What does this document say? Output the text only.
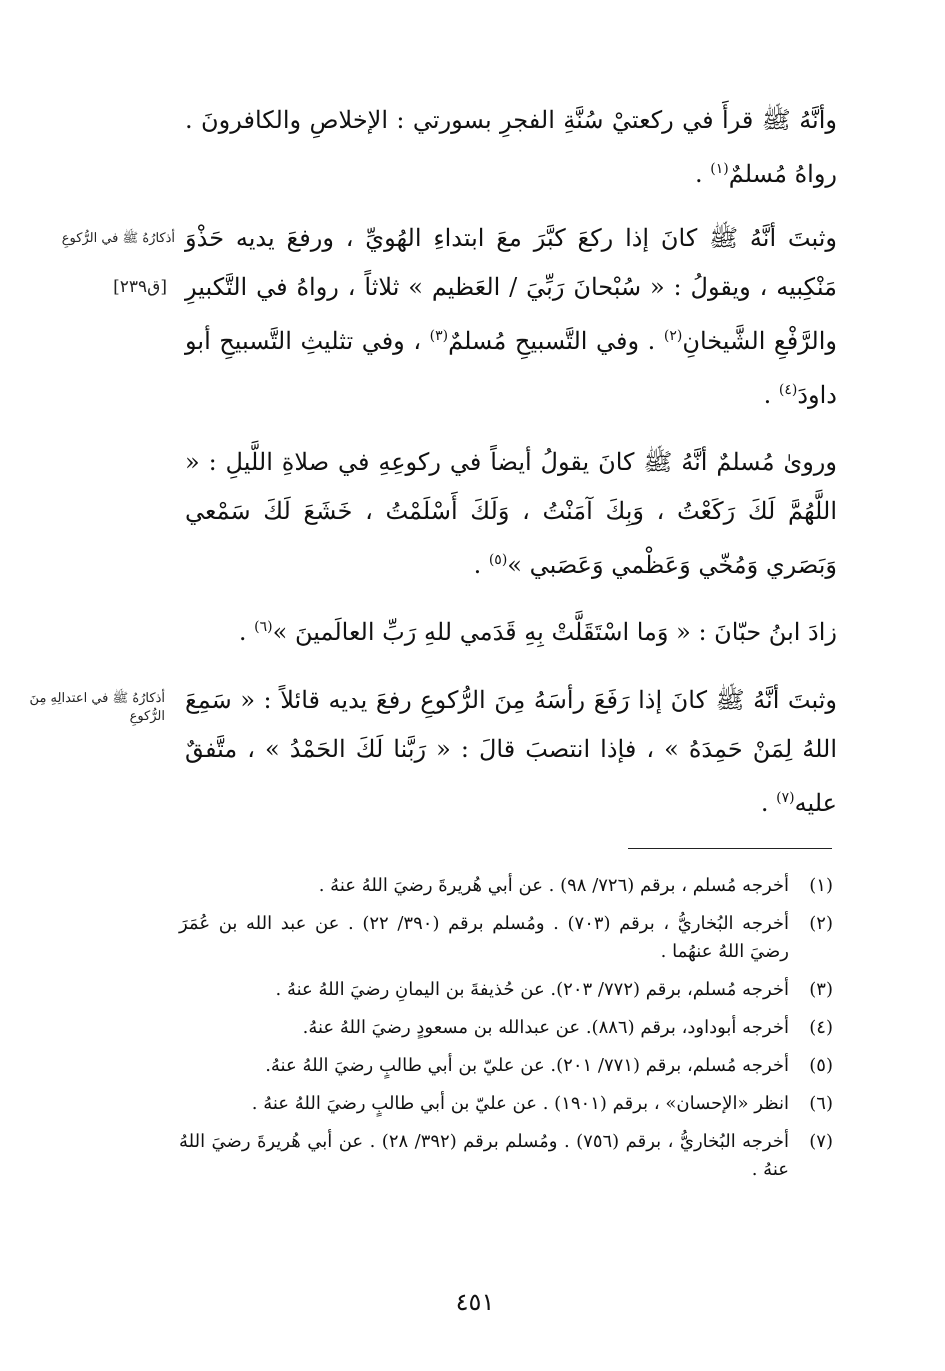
وأنَّهُ ﷺ قرأَ في ركعتيْ سُنَّةِ الفجرِ بسورتي : الإخلاصِ والكافرونَ . رواهُ مُسلمٌ$^{(١)}$ .
وثبتَ أنَّهُ ﷺ كانَ إذا ركعَ كبَّرَ معَ ابتداءِ الهُويِّ ، ورفعَ يديه حَذْوَ مَنْكِبيه ، ويقولُ : « سُبْحانَ رَبِّيَ / العَظيم » ثلاثاً ، رواهُ في التَّكبيرِ والرَّفْعِ الشَّيخانِ$^{(٢)}$ . وفي التَّسبيحِ مُسلمٌ$^{(٣)}$ ، وفي تثليثِ التَّسبيحِ أبو داودَ$^{(٤)}$ .
وروىٰ مُسلمٌ أنَّهُ ﷺ كانَ يقولُ أيضاً في ركوعِهِ في صلاةِ اللَّيلِ : « اللَّهُمَّ لَكَ رَكَعْتُ ، وَبِكَ آمَنْتُ ، وَلَكَ أَسْلَمْتُ ، خَشَعَ لَكَ سَمْعي وَبَصَري وَمُخّي وَعَظْمي وَعَصَبي »$^{(٥)}$ .
زادَ ابنُ حبّانَ : « وَما اسْتَقَلَّتْ بِهِ قَدَمي للهِ رَبِّ العالَمينَ »$^{(٦)}$ .
وثبتَ أنَّهُ ﷺ كانَ إذا رَفَعَ رأسَهُ مِنَ الرُّكوعِ رفعَ يديه قائلاً : « سَمِعَ اللهُ لِمَنْ حَمِدَهُ » ، فإذا انتصبَ قالَ : « رَبَّنا لَكَ الحَمْدُ » ، متَّفقٌ عليه$^{(٧)}$ .
أذكارُهُ ﷺ في الرُّكوعِ
[ق٢٣٩]
أذكارُهُ ﷺ في اعتدالِهِ مِنَ الرُّكوعِ
(١)
أخرجه مُسلم ، برقم (٧٢٦/ ٩٨) . عن أبي هُريرةَ رضيَ اللهُ عنهُ .
(٢)
أخرجه البُخاريُّ ، برقم (٧٠٣) . ومُسلم برقم (٣٩٠/ ٢٢) . عن عبد الله بن عُمَرَ رضيَ اللهُ عنهُما .
(٣)
أخرجه مُسلم، برقم (٧٧٢/ ٢٠٣). عن حُذيفةَ بن اليمانِ رضيَ اللهُ عنهُ .
(٤)
أخرجه أبوداود، برقم (٨٨٦). عن عبدالله بن مسعودٍ رضيَ اللهُ عنهُ.
(٥)
أخرجه مُسلم، برقم (٧٧١/ ٢٠١). عن عليّ بن أبي طالبٍ رضيَ اللهُ عنهُ.
(٦)
انظر «الإحسان» ، برقم (١٩٠١) . عن عليّ بن أبي طالبٍ رضيَ اللهُ عنهُ .
(٧)
أخرجه البُخاريُّ ، برقم (٧٥٦) . ومُسلم برقم (٣٩٢/ ٢٨) . عن أبي هُريرةَ رضيَ اللهُ عنهُ .
٤٥١
